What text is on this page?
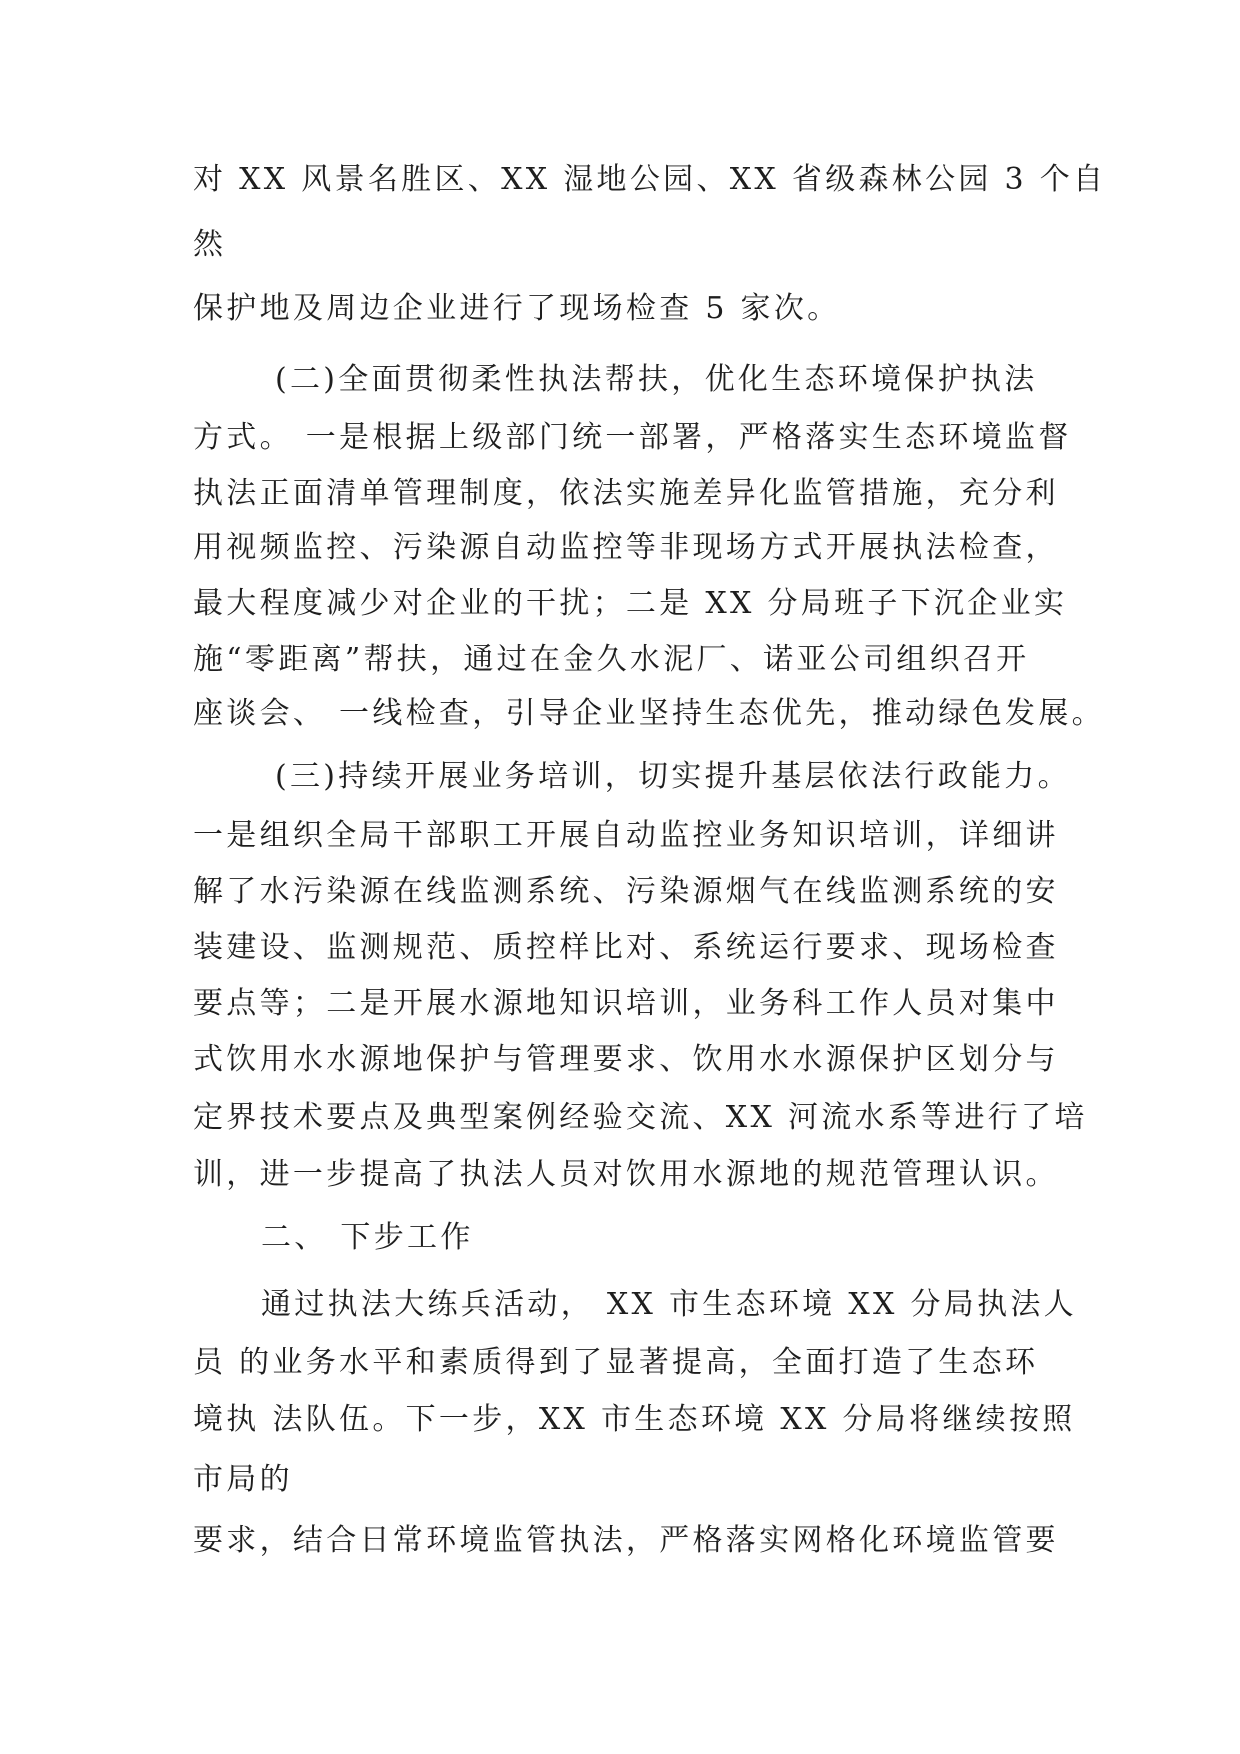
对 XX 风景名胜区、XX 湿地公园、XX 省级森林公园 3 个自
然
保护地及周边企业进行了现场检查 5 家次。
(二)全面贯彻柔性执法帮扶，优化生态环境保护执法
方式。 一是根据上级部门统一部署，严格落实生态环境监督
执法正面清单管理制度，依法实施差异化监管措施，充分利
用视频监控、污染源自动监控等非现场方式开展执法检查，
最大程度减少对企业的干扰；二是 XX 分局班子下沉企业实
施“零距离”帮扶，通过在金久水泥厂、诺亚公司组织召开
座谈会、 一线检查，引导企业坚持生态优先，推动绿色发展。
(三)持续开展业务培训，切实提升基层依法行政能力。
一是组织全局干部职工开展自动监控业务知识培训，详细讲
解了水污染源在线监测系统、污染源烟气在线监测系统的安
装建设、监测规范、质控样比对、系统运行要求、现场检查
要点等；二是开展水源地知识培训，业务科工作人员对集中
式饮用水水源地保护与管理要求、饮用水水源保护区划分与
定界技术要点及典型案例经验交流、XX 河流水系等进行了培
训，进一步提高了执法人员对饮用水源地的规范管理认识。
二、 下步工作
通过执法大练兵活动， XX 市生态环境 XX 分局执法人
员 的业务水平和素质得到了显著提高，全面打造了生态环
境执 法队伍。下一步，XX 市生态环境 XX 分局将继续按照
市局的
要求，结合日常环境监管执法，严格落实网格化环境监管要
